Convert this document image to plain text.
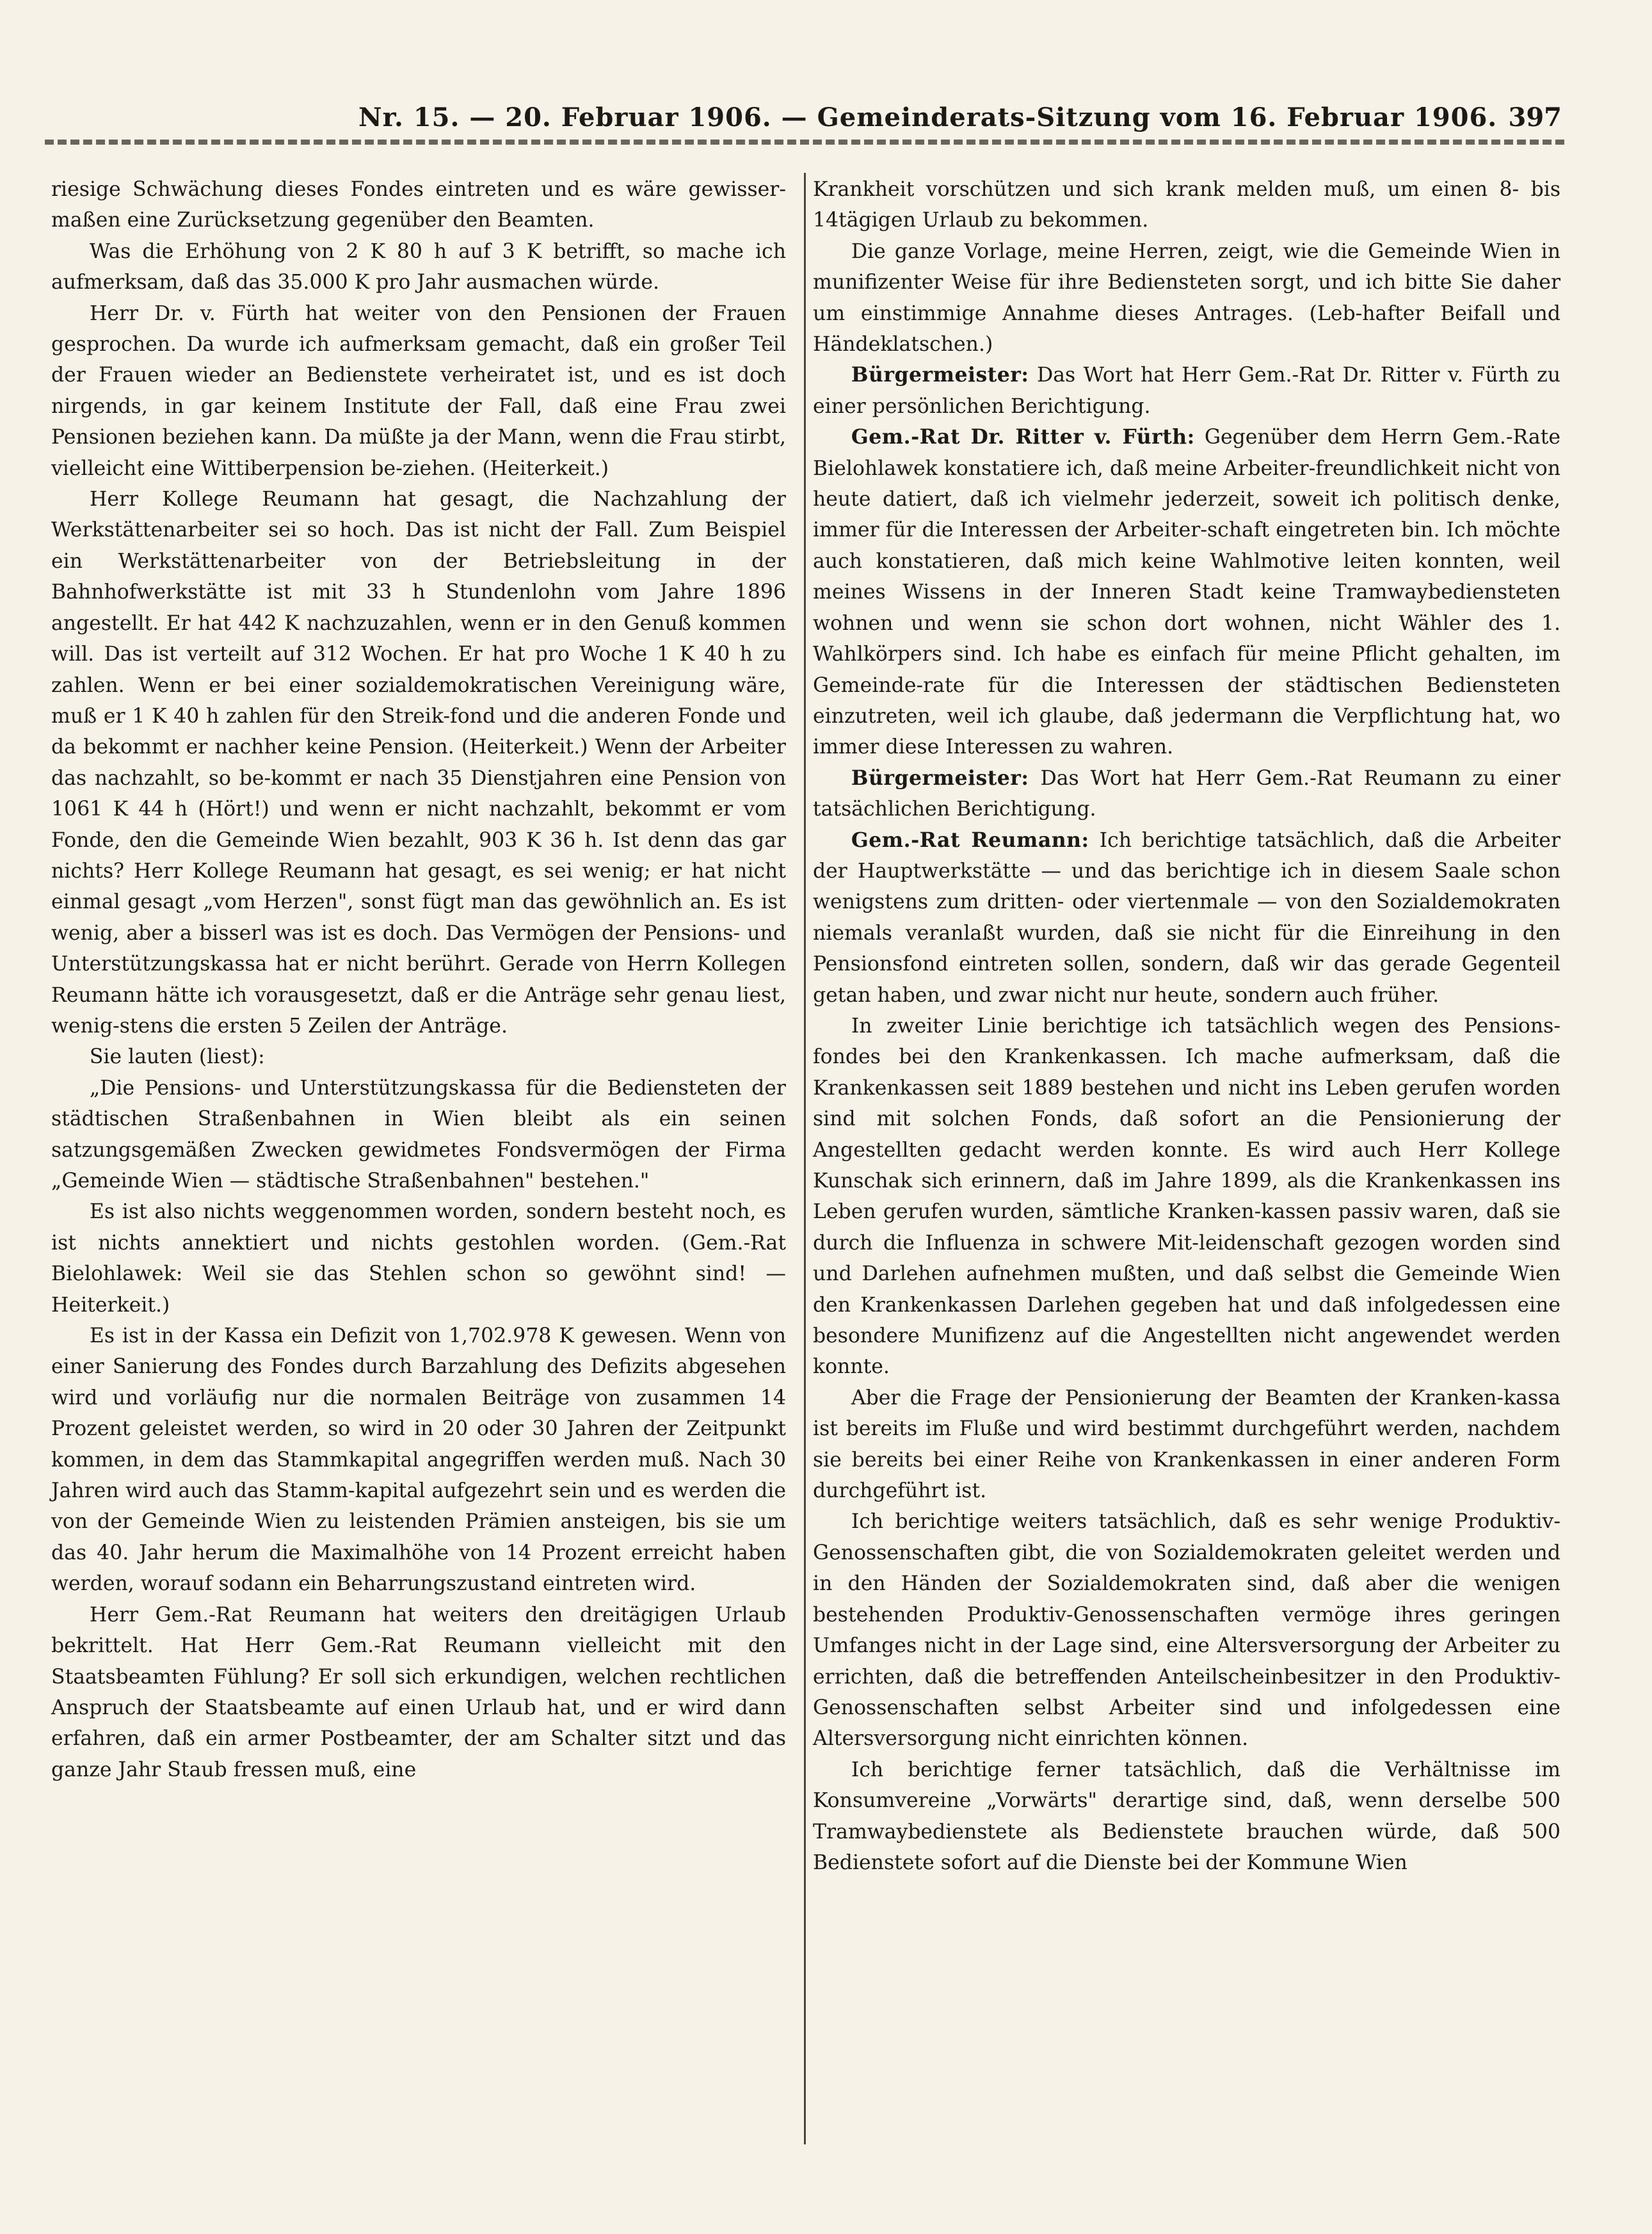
Nr. 15. — 20. Februar 1906. — Gemeinderats-Sitzung vom 16. Februar 1906. 397

riesige Schwächung dieses Fondes eintreten und es wäre gewisser-maßen eine Zurücksetzung gegenüber den Beamten.

Was die Erhöhung von 2 K 80 h auf 3 K betrifft, so mache ich aufmerksam, daß das 35.000 K pro Jahr ausmachen würde.

Herr Dr. v. Fürth hat weiter von den Pensionen der Frauen gesprochen. Da wurde ich aufmerksam gemacht, daß ein großer Teil der Frauen wieder an Bedienstete verheiratet ist, und es ist doch nirgends, in gar keinem Institute der Fall, daß eine Frau zwei Pensionen beziehen kann. Da müßte ja der Mann, wenn die Frau stirbt, vielleicht eine Wittiberpension be-ziehen. (Heiterkeit.)

Herr Kollege Reumann hat gesagt, die Nachzahlung der Werkstättenarbeiter sei so hoch. Das ist nicht der Fall. Zum Beispiel ein Werkstättenarbeiter von der Betriebsleitung in der Bahnhofwerkstätte ist mit 33 h Stundenlohn vom Jahre 1896 angestellt. Er hat 442 K nachzuzahlen, wenn er in den Genuß kommen will. Das ist verteilt auf 312 Wochen. Er hat pro Woche 1 K 40 h zu zahlen. Wenn er bei einer sozialdemokratischen Vereinigung wäre, muß er 1 K 40 h zahlen für den Streik-fond und die anderen Fonde und da bekommt er nachher keine Pension. (Heiterkeit.) Wenn der Arbeiter das nachzahlt, so be-kommt er nach 35 Dienstjahren eine Pension von 1061 K 44 h (Hört!) und wenn er nicht nachzahlt, bekommt er vom Fonde, den die Gemeinde Wien bezahlt, 903 K 36 h. Ist denn das gar nichts? Herr Kollege Reumann hat gesagt, es sei wenig; er hat nicht einmal gesagt „vom Herzen", sonst fügt man das gewöhnlich an. Es ist wenig, aber a bisserl was ist es doch. Das Vermögen der Pensions- und Unterstützungskassa hat er nicht berührt. Gerade von Herrn Kollegen Reumann hätte ich vorausgesetzt, daß er die Anträge sehr genau liest, wenig-stens die ersten 5 Zeilen der Anträge.

Sie lauten (liest):

„Die Pensions- und Unterstützungskassa für die Bediensteten der städtischen Straßenbahnen in Wien bleibt als ein seinen satzungsgemäßen Zwecken gewidmetes Fondsvermögen der Firma „Gemeinde Wien — städtische Straßenbahnen" bestehen."

Es ist also nichts weggenommen worden, sondern besteht noch, es ist nichts annektiert und nichts gestohlen worden. (Gem.-Rat Bielohlawek: Weil sie das Stehlen schon so gewöhnt sind! — Heiterkeit.)

Es ist in der Kassa ein Defizit von 1,702.978 K gewesen. Wenn von einer Sanierung des Fondes durch Barzahlung des Defizits abgesehen wird und vorläufig nur die normalen Beiträge von zusammen 14 Prozent geleistet werden, so wird in 20 oder 30 Jahren der Zeitpunkt kommen, in dem das Stammkapital angegriffen werden muß. Nach 30 Jahren wird auch das Stamm-kapital aufgezehrt sein und es werden die von der Gemeinde Wien zu leistenden Prämien ansteigen, bis sie um das 40. Jahr herum die Maximalhöhe von 14 Prozent erreicht haben werden, worauf sodann ein Beharrungszustand eintreten wird.

Herr Gem.-Rat Reumann hat weiters den dreitägigen Urlaub bekrittelt. Hat Herr Gem.-Rat Reumann vielleicht mit den Staatsbeamten Fühlung? Er soll sich erkundigen, welchen rechtlichen Anspruch der Staatsbeamte auf einen Urlaub hat, und er wird dann erfahren, daß ein armer Postbeamter, der am Schalter sitzt und das ganze Jahr Staub fressen muß, eine

Krankheit vorschützen und sich krank melden muß, um einen 8- bis 14tägigen Urlaub zu bekommen.

Die ganze Vorlage, meine Herren, zeigt, wie die Gemeinde Wien in munifizenter Weise für ihre Bediensteten sorgt, und ich bitte Sie daher um einstimmige Annahme dieses Antrages. (Leb-hafter Beifall und Händeklatschen.)

Bürgermeister: Das Wort hat Herr Gem.-Rat Dr. Ritter v. Fürth zu einer persönlichen Berichtigung.

Gem.-Rat Dr. Ritter v. Fürth: Gegenüber dem Herrn Gem.-Rate Bielohlawek konstatiere ich, daß meine Arbeiter-freundlichkeit nicht von heute datiert, daß ich vielmehr jederzeit, soweit ich politisch denke, immer für die Interessen der Arbeiter-schaft eingetreten bin. Ich möchte auch konstatieren, daß mich keine Wahlmotive leiten konnten, weil meines Wissens in der Inneren Stadt keine Tramwaybediensteten wohnen und wenn sie schon dort wohnen, nicht Wähler des 1. Wahlkörpers sind. Ich habe es einfach für meine Pflicht gehalten, im Gemeinde-rate für die Interessen der städtischen Bediensteten einzutreten, weil ich glaube, daß jedermann die Verpflichtung hat, wo immer diese Interessen zu wahren.

Bürgermeister: Das Wort hat Herr Gem.-Rat Reumann zu einer tatsächlichen Berichtigung.

Gem.-Rat Reumann: Ich berichtige tatsächlich, daß die Arbeiter der Hauptwerkstätte — und das berichtige ich in diesem Saale schon wenigstens zum dritten- oder viertenmale — von den Sozialdemokraten niemals veranlaßt wurden, daß sie nicht für die Einreihung in den Pensionsfond eintreten sollen, sondern, daß wir das gerade Gegenteil getan haben, und zwar nicht nur heute, sondern auch früher.

In zweiter Linie berichtige ich tatsächlich wegen des Pensions-fondes bei den Krankenkassen. Ich mache aufmerksam, daß die Krankenkassen seit 1889 bestehen und nicht ins Leben gerufen worden sind mit solchen Fonds, daß sofort an die Pensionierung der Angestellten gedacht werden konnte. Es wird auch Herr Kollege Kunschak sich erinnern, daß im Jahre 1899, als die Krankenkassen ins Leben gerufen wurden, sämtliche Kranken-kassen passiv waren, daß sie durch die Influenza in schwere Mit-leidenschaft gezogen worden sind und Darlehen aufnehmen mußten, und daß selbst die Gemeinde Wien den Krankenkassen Darlehen gegeben hat und daß infolgedessen eine besondere Munifizenz auf die Angestellten nicht angewendet werden konnte.

Aber die Frage der Pensionierung der Beamten der Kranken-kassa ist bereits im Fluße und wird bestimmt durchgeführt werden, nachdem sie bereits bei einer Reihe von Krankenkassen in einer anderen Form durchgeführt ist.

Ich berichtige weiters tatsächlich, daß es sehr wenige Produktiv-Genossenschaften gibt, die von Sozialdemokraten geleitet werden und in den Händen der Sozialdemokraten sind, daß aber die wenigen bestehenden Produktiv-Genossenschaften vermöge ihres geringen Umfanges nicht in der Lage sind, eine Altersversorgung der Arbeiter zu errichten, daß die betreffenden Anteilscheinbesitzer in den Produktiv-Genossenschaften selbst Arbeiter sind und infolgedessen eine Altersversorgung nicht einrichten können.

Ich berichtige ferner tatsächlich, daß die Verhältnisse im Konsumvereine „Vorwärts" derartige sind, daß, wenn derselbe 500 Tramwaybedienstete als Bedienstete brauchen würde, daß 500 Bedienstete sofort auf die Dienste bei der Kommune Wien
